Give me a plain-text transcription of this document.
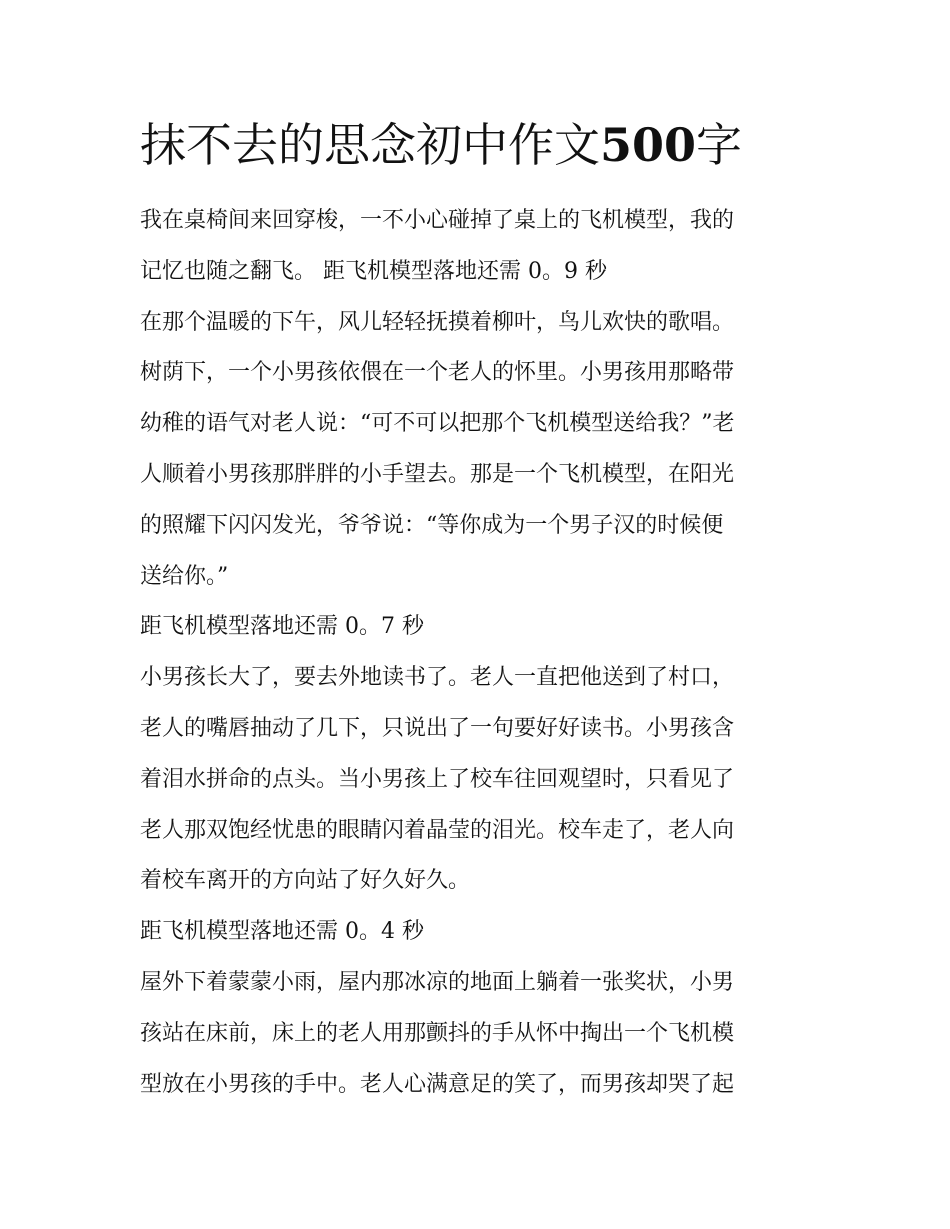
抹不去的思念初中作文500字
我在桌椅间来回穿梭，一不小心碰掉了桌上的飞机模型，我的
记忆也随之翻飞。 距飞机模型落地还需 0。9 秒
在那个温暖的下午，风儿轻轻抚摸着柳叶，鸟儿欢快的歌唱。
树荫下，一个小男孩依偎在一个老人的怀里。小男孩用那略带
幼稚的语气对老人说：“可不可以把那个飞机模型送给我？”老
人顺着小男孩那胖胖的小手望去。那是一个飞机模型，在阳光
的照耀下闪闪发光，爷爷说：“等你成为一个男子汉的时候便
送给你。”
距飞机模型落地还需 0。7 秒
小男孩长大了，要去外地读书了。老人一直把他送到了村口，
老人的嘴唇抽动了几下，只说出了一句要好好读书。小男孩含
着泪水拼命的点头。当小男孩上了校车往回观望时，只看见了
老人那双饱经忧患的眼睛闪着晶莹的泪光。校车走了，老人向
着校车离开的方向站了好久好久。
距飞机模型落地还需 0。4 秒
屋外下着蒙蒙小雨，屋内那冰凉的地面上躺着一张奖状，小男
孩站在床前，床上的老人用那颤抖的手从怀中掏出一个飞机模
型放在小男孩的手中。老人心满意足的笑了，而男孩却哭了起
